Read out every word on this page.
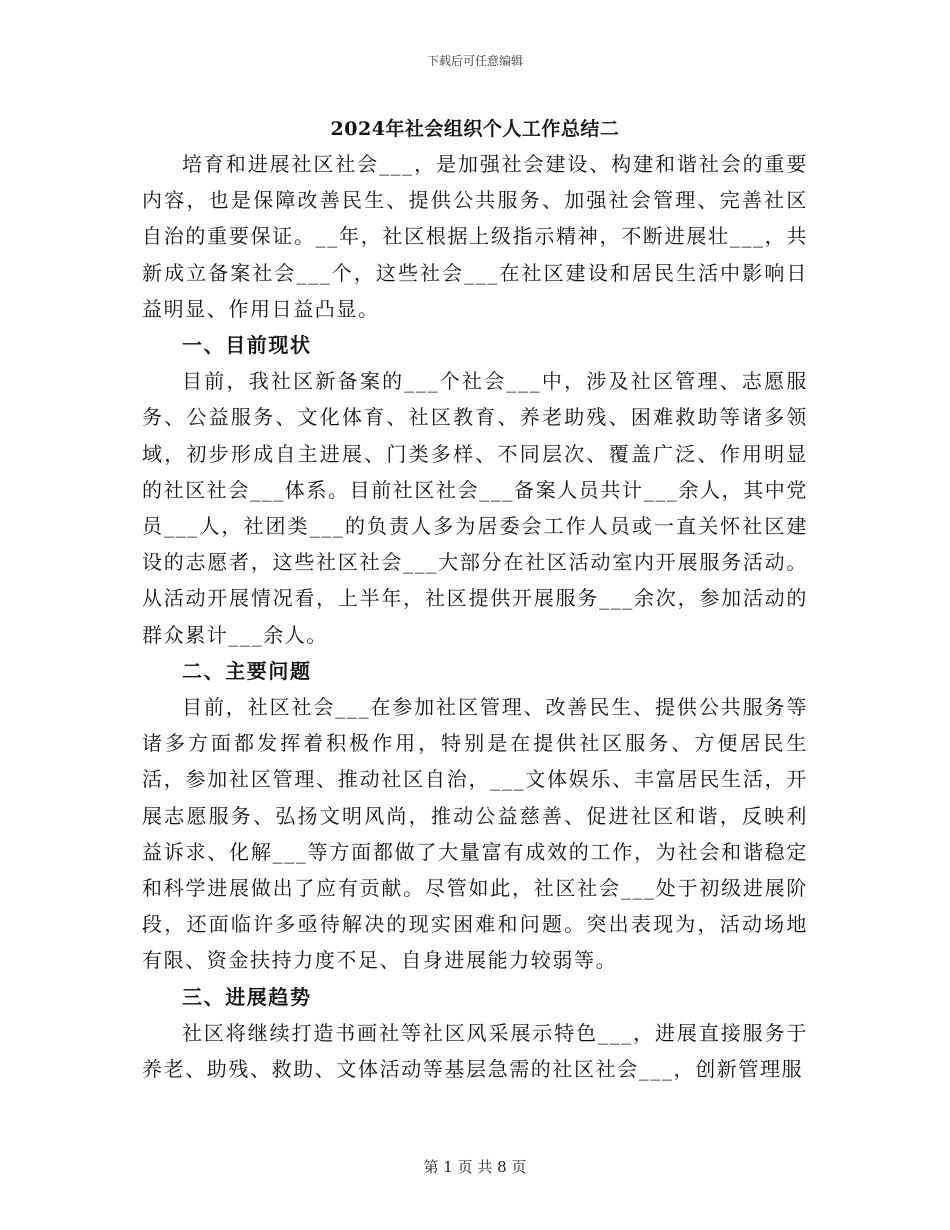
下载后可任意编辑
2024年社会组织个人工作总结二

培育和进展社区社会___，是加强社会建设、构建和谐社会的重要内容，也是保障改善民生、提供公共服务、加强社会管理、完善社区自治的重要保证。__年，社区根据上级指示精神，不断进展壮___，共新成立备案社会___个，这些社会___在社区建设和居民生活中影响日益明显、作用日益凸显。

一、目前现状

目前，我社区新备案的___个社会___中，涉及社区管理、志愿服务、公益服务、文化体育、社区教育、养老助残、困难救助等诸多领域，初步形成自主进展、门类多样、不同层次、覆盖广泛、作用明显的社区社会___体系。目前社区社会___备案人员共计___余人，其中党员___人，社团类___的负责人多为居委会工作人员或一直关怀社区建设的志愿者，这些社区社会___大部分在社区活动室内开展服务活动。从活动开展情况看，上半年，社区提供开展服务___余次，参加活动的群众累计___余人。

二、主要问题

目前，社区社会___在参加社区管理、改善民生、提供公共服务等诸多方面都发挥着积极作用，特别是在提供社区服务、方便居民生活，参加社区管理、推动社区自治，___文体娱乐、丰富居民生活，开展志愿服务、弘扬文明风尚，推动公益慈善、促进社区和谐，反映利益诉求、化解___等方面都做了大量富有成效的工作，为社会和谐稳定和科学进展做出了应有贡献。尽管如此，社区社会___处于初级进展阶段，还面临许多亟待解决的现实困难和问题。突出表现为，活动场地有限、资金扶持力度不足、自身进展能力较弱等。

三、进展趋势

社区将继续打造书画社等社区风采展示特色___，进展直接服务于养老、助残、救助、文体活动等基层急需的社区社会___，创新管理服

第 1 页 共 8 页
